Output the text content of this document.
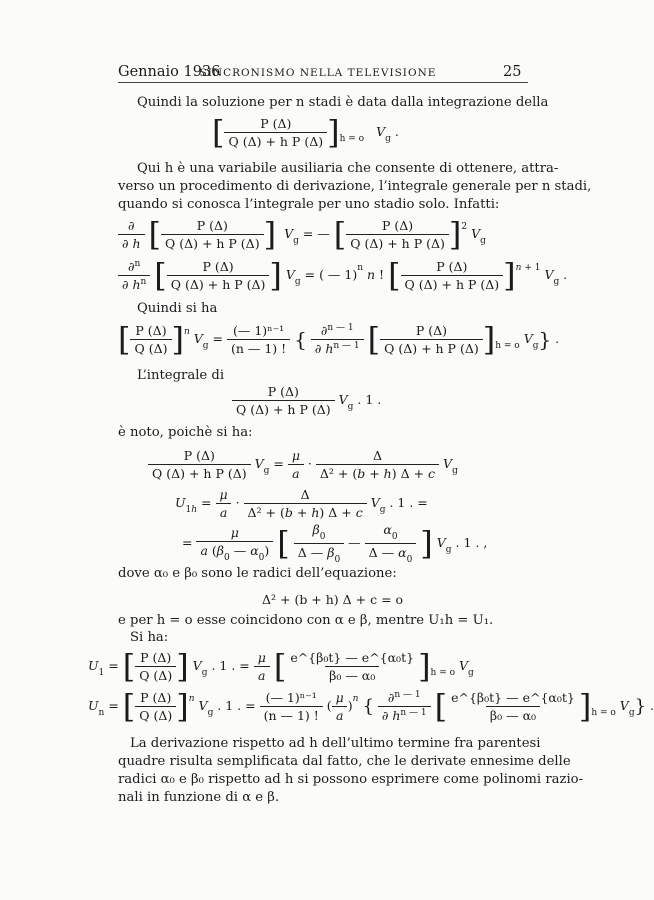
Gennaio 1936
SINCRONISMO NELLA TELEVISIONE	25
Quindi la soluzione per n stadi è data dalla integrazione della
[ $\frac{P (\Delta)}{\text{Q (Δ) + h P (Δ)}} ]_{h = o}$ $V_g$ .
Qui h è una variabile ausiliaria che consente di ottenere, attra-
verso un procedimento di derivazione, l’integrale generale per n stadi,
quando si conosca l’integrale per uno stadio solo. Infatti:
$\frac{\partial}{\partial h}$ [ $\frac{P (\Delta)}{\text{Q (Δ) + h P (Δ)}}$ ] $V_g$ = — [ $\frac{P (\Delta)}{\text{Q (Δ) + h P (Δ)}} ]^2$ $V_g$
$\frac{\partial^n}{\partial h^n}$ [ $\frac{P (\Delta)}{\text{Q (Δ) + h P (Δ)}}$ ] $V_g$ = ( — 1)$^n$ n ! [ $\frac{P (\Delta)}{\text{Q (Δ) + h P (Δ)}} ]^{n + 1}$ $V_g$ .
Quindi si ha
[ $\frac{P (\Delta)}{Q (\Delta)} ]^n$ $V_g = \frac{\text{(— 1)ⁿ⁻¹}}{(n — 1) !}$ { $\frac{\partial^{n — 1}}{\partial h^{n — 1}}$ [ $\frac{P (\Delta)}{\text{Q (Δ) + h P (Δ)}} ]_{h = o}$ $V_g$} .
L’integrale di
$\frac{P (\Delta)}{\text{Q (Δ) + h P (Δ)}} V_g$ . 1 .
è noto, poichè si ha:
$\frac{P (\Delta)}{\text{Q (Δ) + h P (Δ)}} V_g = \frac{\mu}{a} \cdot \frac{\Delta}{\text{Δ² + (b + h) Δ + c}} V_g$
$U_{1h} = \frac{\mu}{a} \cdot \frac{\Delta}{\text{Δ² + (b + h) Δ + c}} V_g$ . 1 . =
= $\frac{\mu}{a (\beta_0 — \alpha_0)}$ [ $\frac{\beta_0}{\Delta — \beta_0}$ — $\frac{\alpha_0}{\Delta — \alpha_0}$ ] $V_g$ . 1 . ,
dove α₀ e β₀ sono le radici dell’equazione:
Δ² + (b + h) Δ + c = o
e per h = o esse coincidono con α e β, mentre U₁h = U₁.
Si ha:
$U_1$ = [ $\frac{P (\Delta)}{Q (\Delta)}$ ] $V_g$ . 1 . = $\frac{\mu}{a}$ [ $\frac{\text{e\textasciicircum{}\{β₀t\} — e\textasciicircum{}\{α₀t\}}}{\text{β₀ — α₀}} ]_{h = o}$ $V_g$
$U_n$ = [ $\frac{P (\Delta)}{Q (\Delta)} ]^n$ $V_g$ . 1 . = $\frac{\text{(— 1)ⁿ⁻¹}}{(n — 1) !}$ ( $\frac{\mu}{a} )^n$ { $\frac{\partial^{n — 1}}{\partial h^{n — 1}}$ [ $\frac{\text{e\textasciicircum{}\{β₀t\} — e\textasciicircum{}\{α₀t\}}}{\text{β₀ — α₀}} ]_{h = o}$ $V_g$} .
La derivazione rispetto ad h dell’ultimo termine fra parentesi
quadre risulta semplificata dal fatto, che le derivate ennesime delle
radici α₀ e β₀ rispetto ad h si possono esprimere come polinomi razio-
nali in funzione di α e β.
